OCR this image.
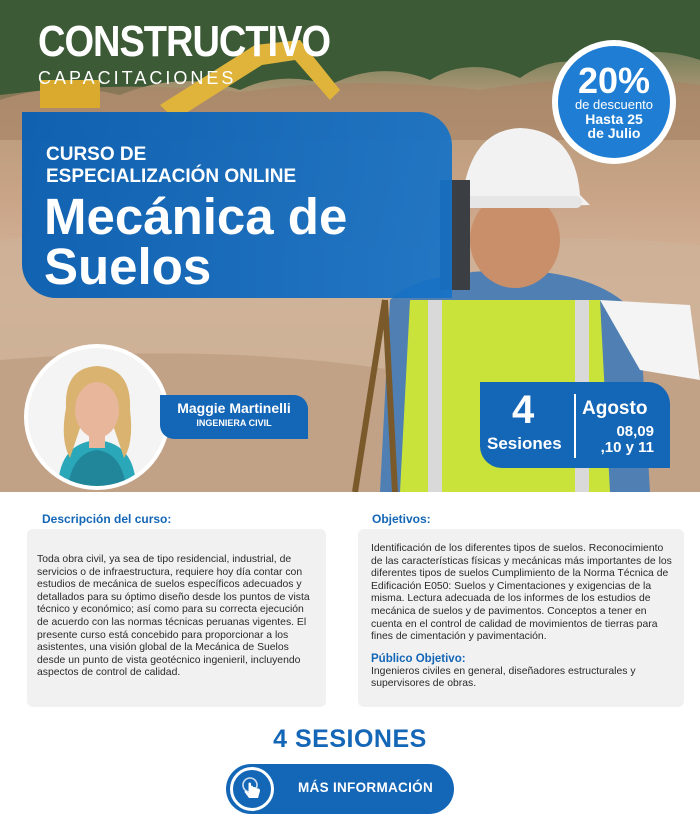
CONSTRUCTIVO
CAPACITACIONES
CURSO DE
ESPECIALIZACIÓN ONLINE
Mecánica de
Suelos
20%
de descuento
Hasta 25
de Julio
Maggie Martinelli
INGENIERA CIVIL	4
Sesiones
Agosto
08,09
,10 y 11
Descripción del curso:

Toda obra civil, ya sea de tipo residencial, industrial, de servicios o de infraestructura, requiere hoy día contar con estudios de mecánica de suelos específicos adecuados y detallados para su óptimo diseño desde los puntos de vista técnico y económico; así como para su correcta ejecución de acuerdo con las normas técnicas peruanas vigentes. El presente curso está concebido para proporcionar a los asistentes, una visión global de la Mecánica de Suelos desde un punto de vista geotécnico ingenieril, incluyendo aspectos de control de calidad.

Objetivos:

Identificación de los diferentes tipos de suelos. Reconocimiento de las características físicas y mecánicas más importantes de los diferentes tipos de suelos Cumplimiento de la Norma Técnica de Edificación E050: Suelos y Cimentaciones y exigencias de la misma. Lectura adecuada de los informes de los estudios de mecánica de suelos y de pavimentos. Conceptos a tener en cuenta en el control de calidad de movimientos de tierras para fines de cimentación y pavimentación.

Público Objetivo:

Ingenieros civiles en general, diseñadores estructurales y supervisores de obras.

4 SESIONES
MÁS INFORMACIÓN
